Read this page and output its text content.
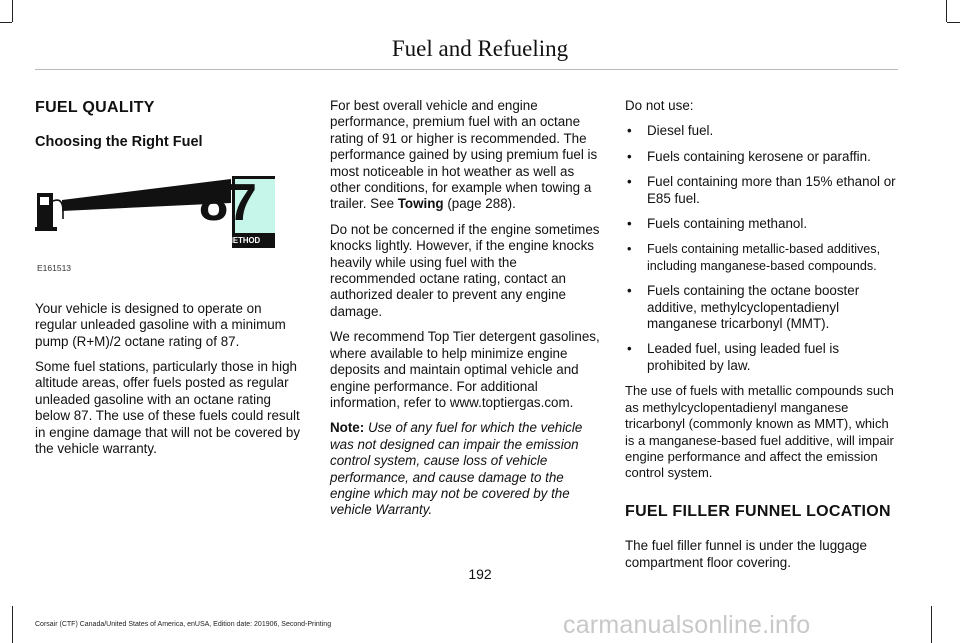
Fuel and Refueling
FUEL QUALITY
Choosing the Right Fuel
87
(R+M)/2 METHOD
E161513

Your vehicle is designed to operate on regular unleaded gasoline with a minimum pump (R+M)/2 octane rating of 87.

Some fuel stations, particularly those in high altitude areas, offer fuels posted as regular unleaded gasoline with an octane rating below 87. The use of these fuels could result in engine damage that will not be covered by the vehicle warranty.

For best overall vehicle and engine performance, premium fuel with an octane rating of 91 or higher is recommended. The performance gained by using premium fuel is most noticeable in hot weather as well as other conditions, for example when towing a trailer. See Towing (page 288).

Do not be concerned if the engine sometimes knocks lightly. However, if the engine knocks heavily while using fuel with the recommended octane rating, contact an authorized dealer to prevent any engine damage.

We recommend Top Tier detergent gasolines, where available to help minimize engine deposits and maintain optimal vehicle and engine performance. For additional information, refer to www.toptiergas.com.

Note: Use of any fuel for which the vehicle was not designed can impair the emission control system, cause loss of vehicle performance, and cause damage to the engine which may not be covered by the vehicle Warranty.

Do not use:

• Diesel fuel.
• Fuels containing kerosene or paraffin.
• Fuel containing more than 15% ethanol or E85 fuel.
• Fuels containing methanol.
• Fuels containing metallic-based additives, including manganese-based compounds.
• Fuels containing the octane booster additive, methylcyclopentadienyl manganese tricarbonyl (MMT).
• Leaded fuel, using leaded fuel is prohibited by law.

The use of fuels with metallic compounds such as methylcyclopentadienyl manganese tricarbonyl (commonly known as MMT), which is a manganese-based fuel additive, will impair engine performance and affect the emission control system.

FUEL FILLER FUNNEL LOCATION

The fuel filler funnel is under the luggage compartment floor covering.

192
Corsair (CTF) Canada/United States of America, enUSA, Edition date: 201906, Second-Printing	carmanualsonline.info
